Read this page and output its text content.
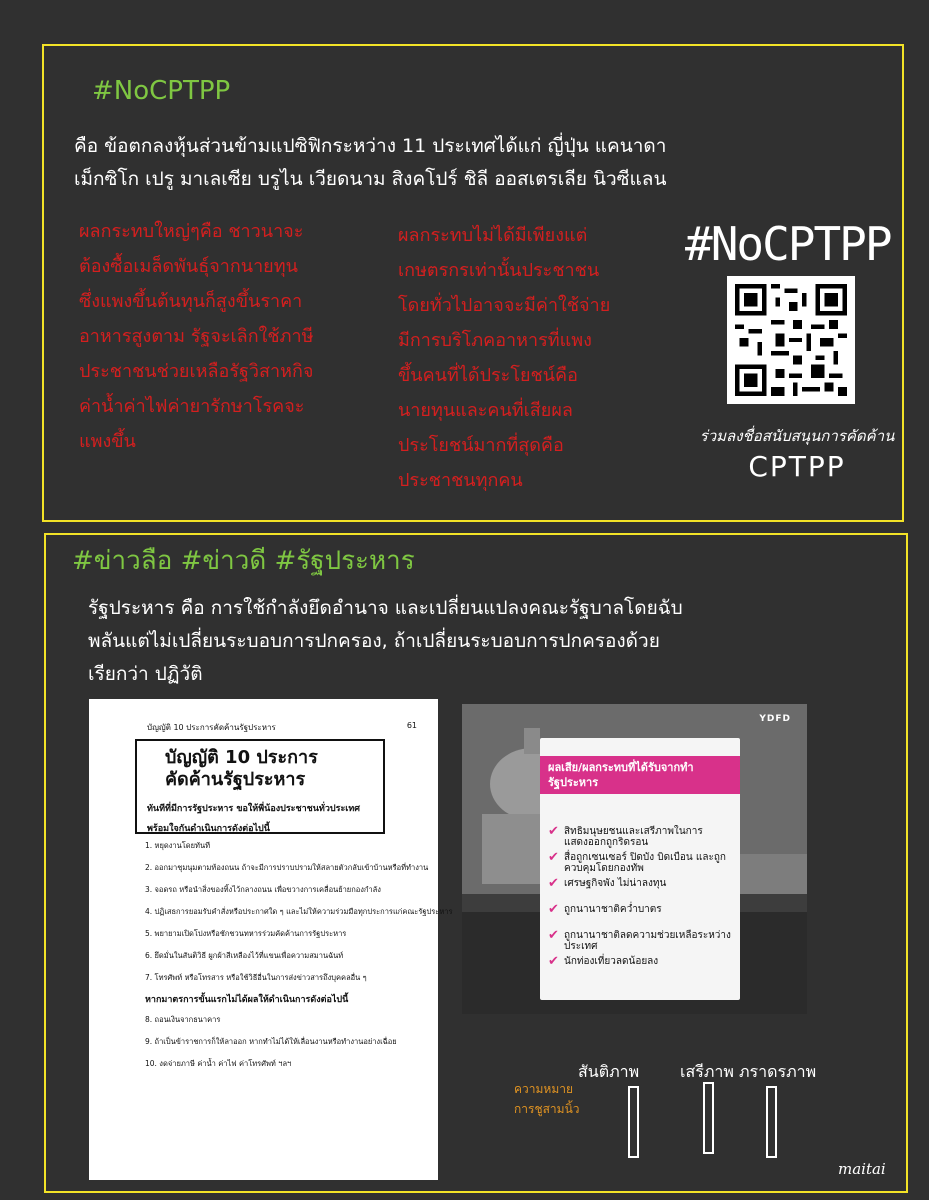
#NoCPTPP
คือ ข้อตกลงหุ้นส่วนข้ามแปซิฟิกระหว่าง 11 ประเทศได้แก่ ญี่ปุ่น แคนาดา
เม็กซิโก เปรู มาเลเซีย บรูไน เวียดนาม สิงคโปร์ ชิลี ออสเตรเลีย นิวซีแลน
ผลกระทบใหญ่ๆคือ ชาวนาจะ
ต้องซื้อเมล็ดพันธุ์จากนายทุน
ซึ่งแพงขึ้นต้นทุนก็สูงขึ้นราคา
อาหารสูงตาม รัฐจะเลิกใช้ภาษี
ประชาชนช่วยเหลือรัฐวิสาหกิจ
ค่าน้ำค่าไฟค่ายารักษาโรคจะ
แพงขึ้น
ผลกระทบไม่ได้มีเพียงแต่
เกษตรกรเท่านั้นประชาชน
โดยทั่วไปอาจจะมีค่าใช้จ่าย
มีการบริโภคอาหารที่แพง
ขึ้นคนที่ได้ประโยชน์คือ
นายทุนและคนที่เสียผล
ประโยชน์มากที่สุดคือ
ประชาชนทุกคน
#NoCPTPP
ร่วมลงชื่อสนับสนุนการคัดค้าน
CPTPP
#ข่าวลือ #ข่าวดี #รัฐประหาร
รัฐประหาร คือ การใช้กำลังยึดอำนาจ และเปลี่ยนแปลงคณะรัฐบาลโดยฉับ
พลันแต่ไม่เปลี่ยนระบอบการปกครอง, ถ้าเปลี่ยนระบอบการปกครองด้วย
เรียกว่า ปฏิวัติ
บัญญัติ 10 ประการคัดค้านรัฐประหาร	61
บัญญัติ 10 ประการ
คัดค้านรัฐประหาร
ทันทีที่มีการรัฐประหาร ขอให้พี่น้องประชาชนทั่วประเทศพร้อมใจกันดำเนินการดังต่อไปนี้
1. หยุดงานโดยทันที
2. ออกมาชุมนุมตามท้องถนน ถ้าจะมีการปราบปรามให้สลายตัวกลับเข้าบ้านหรือที่ทำงาน
3. จอดรถ หรือนำสิ่งของทิ้งไว้กลางถนน เพื่อขวางการเคลื่อนย้ายกองกำลัง
4. ปฏิเสธการยอมรับคำสั่งหรือประกาศใด ๆ และไม่ให้ความร่วมมือทุกประการแก่คณะรัฐประหาร
5. พยายามเปิดโปงหรือชักชวนทหารร่วมคัดค้านการรัฐประหาร
6. ยึดมั่นในสันติวิธี ผูกผ้าสีเหลืองไว้ที่แขนเพื่อความสมานฉันท์
7. โทรศัพท์ หรือโทรสาร หรือใช้วิธีอื่นในการส่งข่าวสารถึงบุคคลอื่น ๆ
หากมาตรการขั้นแรกไม่ได้ผลให้ดำเนินการดังต่อไปนี้
8. ถอนเงินจากธนาคาร
9. ถ้าเป็นข้าราชการก็ให้ลาออก หากทำไม่ได้ให้เลื่อนงานหรือทำงานอย่างเฉื่อย
10. งดจ่ายภาษี ค่าน้ำ ค่าไฟ ค่าโทรศัพท์ ฯลฯ
YDFD
ผลเสีย/ผลกระทบที่ได้รับจากทำรัฐประหาร
✔ สิทธิมนุษยชนและเสรีภาพในการแสดงออกถูกริดรอน
✔ สื่อถูกเซนเซอร์ ปิดบัง บิดเบือน และถูกควบคุมโดยกองทัพ
✔ เศรษฐกิจพัง ไม่น่าลงทุน
✔ ถูกนานาชาติคว่ำบาตร
✔ ถูกนานาชาติลดความช่วยเหลือระหว่างประเทศ
✔ นักท่องเที่ยวลดน้อยลง
สันติภาพ	เสรีภาพ ภราดรภาพ
ความหมาย
การชูสามนิ้ว
maitai
